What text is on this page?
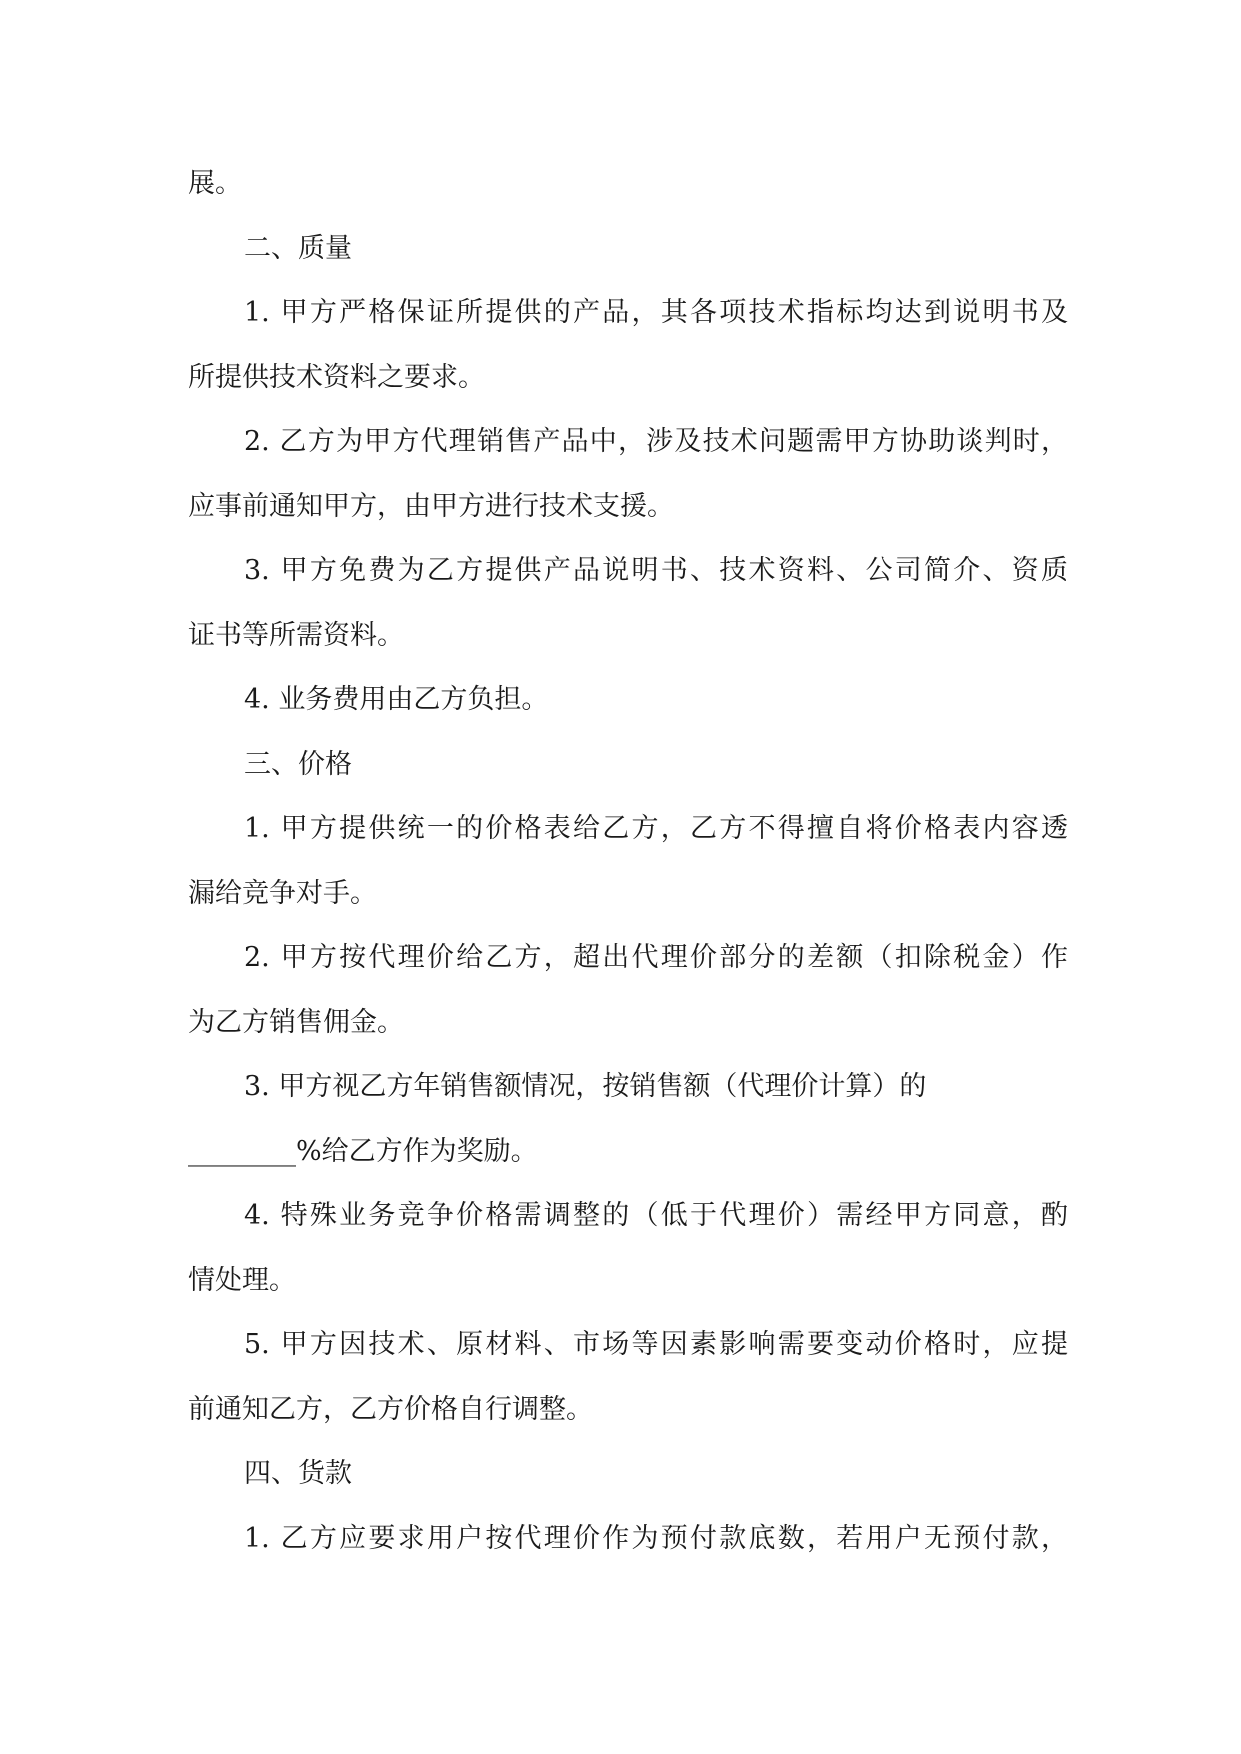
展。
二、质量
1. 甲方严格保证所提供的产品，其各项技术指标均达到说明书及
所提供技术资料之要求。
2. 乙方为甲方代理销售产品中，涉及技术问题需甲方协助谈判时，
应事前通知甲方，由甲方进行技术支援。
3. 甲方免费为乙方提供产品说明书、技术资料、公司简介、资质
证书等所需资料。
4. 业务费用由乙方负担。
三、价格
1. 甲方提供统一的价格表给乙方，乙方不得擅自将价格表内容透
漏给竞争对手。
2. 甲方按代理价给乙方，超出代理价部分的差额（扣除税金）作
为乙方销售佣金。
3. 甲方视乙方年销售额情况，按销售额（代理价计算）的
________%给乙方作为奖励。
4. 特殊业务竞争价格需调整的（低于代理价）需经甲方同意，酌
情处理。
5. 甲方因技术、原材料、市场等因素影响需要变动价格时，应提
前通知乙方，乙方价格自行调整。
四、货款
1. 乙方应要求用户按代理价作为预付款底数，若用户无预付款，
